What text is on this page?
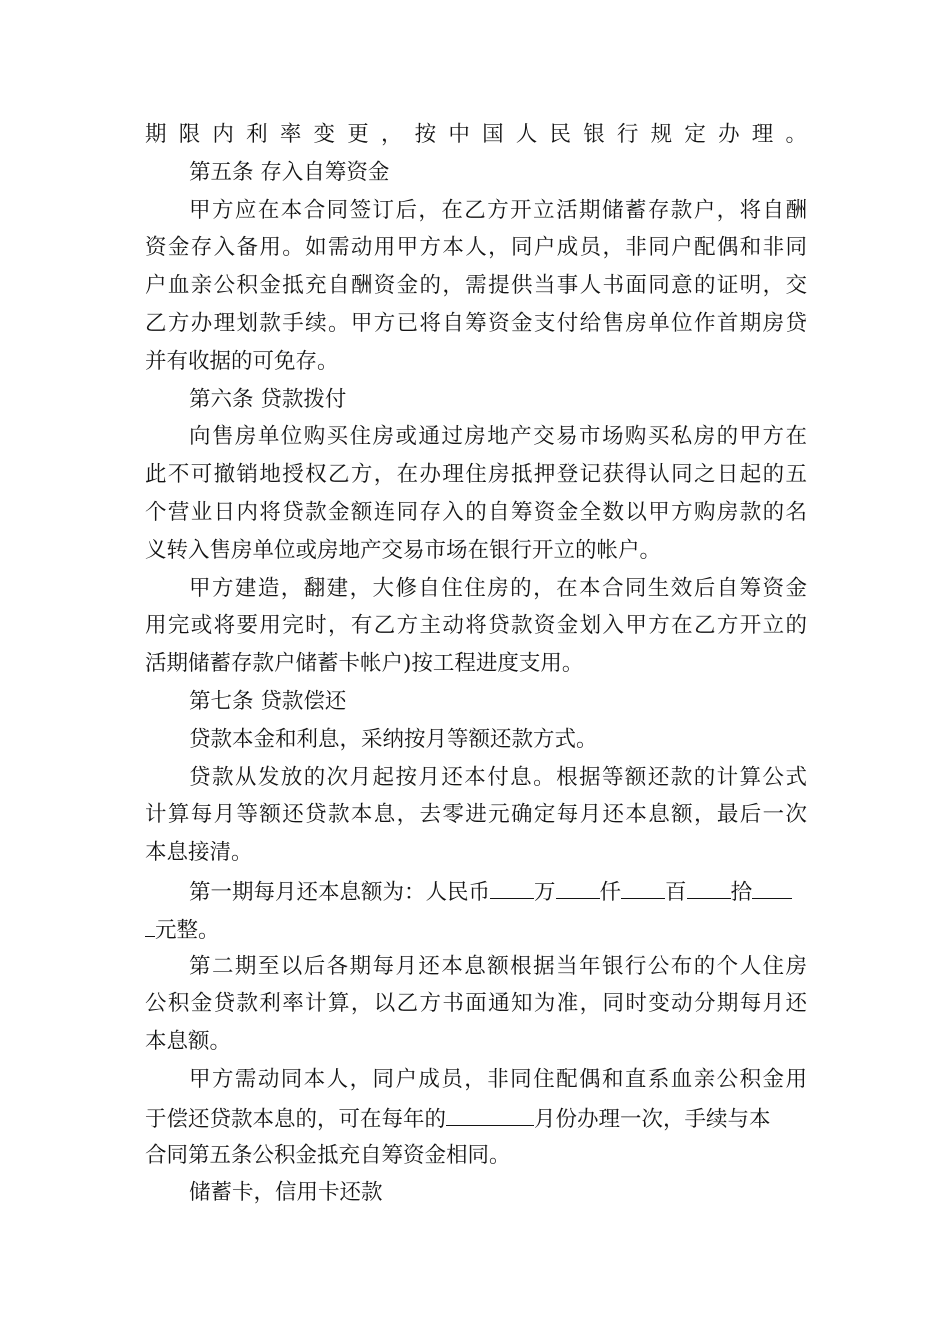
期限内利率变更，按中国人民银行规定办理。
第五条 存入自筹资金
甲方应在本合同签订后，在乙方开立活期储蓄存款户，将自酬
资金存入备用。如需动用甲方本人，同户成员，非同户配偶和非同
户血亲公积金抵充自酬资金的，需提供当事人书面同意的证明，交
乙方办理划款手续。甲方已将自筹资金支付给售房单位作首期房贷
并有收据的可免存。
第六条 贷款拨付
向售房单位购买住房或通过房地产交易市场购买私房的甲方在
此不可撤销地授权乙方，在办理住房抵押登记获得认同之日起的五
个营业日内将贷款金额连同存入的自筹资金全数以甲方购房款的名
义转入售房单位或房地产交易市场在银行开立的帐户。
甲方建造，翻建，大修自住住房的，在本合同生效后自筹资金
用完或将要用完时，有乙方主动将贷款资金划入甲方在乙方开立的
活期储蓄存款户储蓄卡帐户)按工程进度支用。
第七条 贷款偿还
贷款本金和利息，采纳按月等额还款方式。
贷款从发放的次月起按月还本付息。根据等额还款的计算公式
计算每月等额还贷款本息，去零进元确定每月还本息额，最后一次
本息接清。
第一期每月还本息额为：人民币 万 仟 百 拾
元整。
第二期至以后各期每月还本息额根据当年银行公布的个人住房
公积金贷款利率计算，以乙方书面通知为准，同时变动分期每月还
本息额。
甲方需动同本人，同户成员，非同住配偶和直系血亲公积金用
于偿还贷款本息的，可在每年的	月份办理一次，手续与本
合同第五条公积金抵充自筹资金相同。
储蓄卡，信用卡还款
